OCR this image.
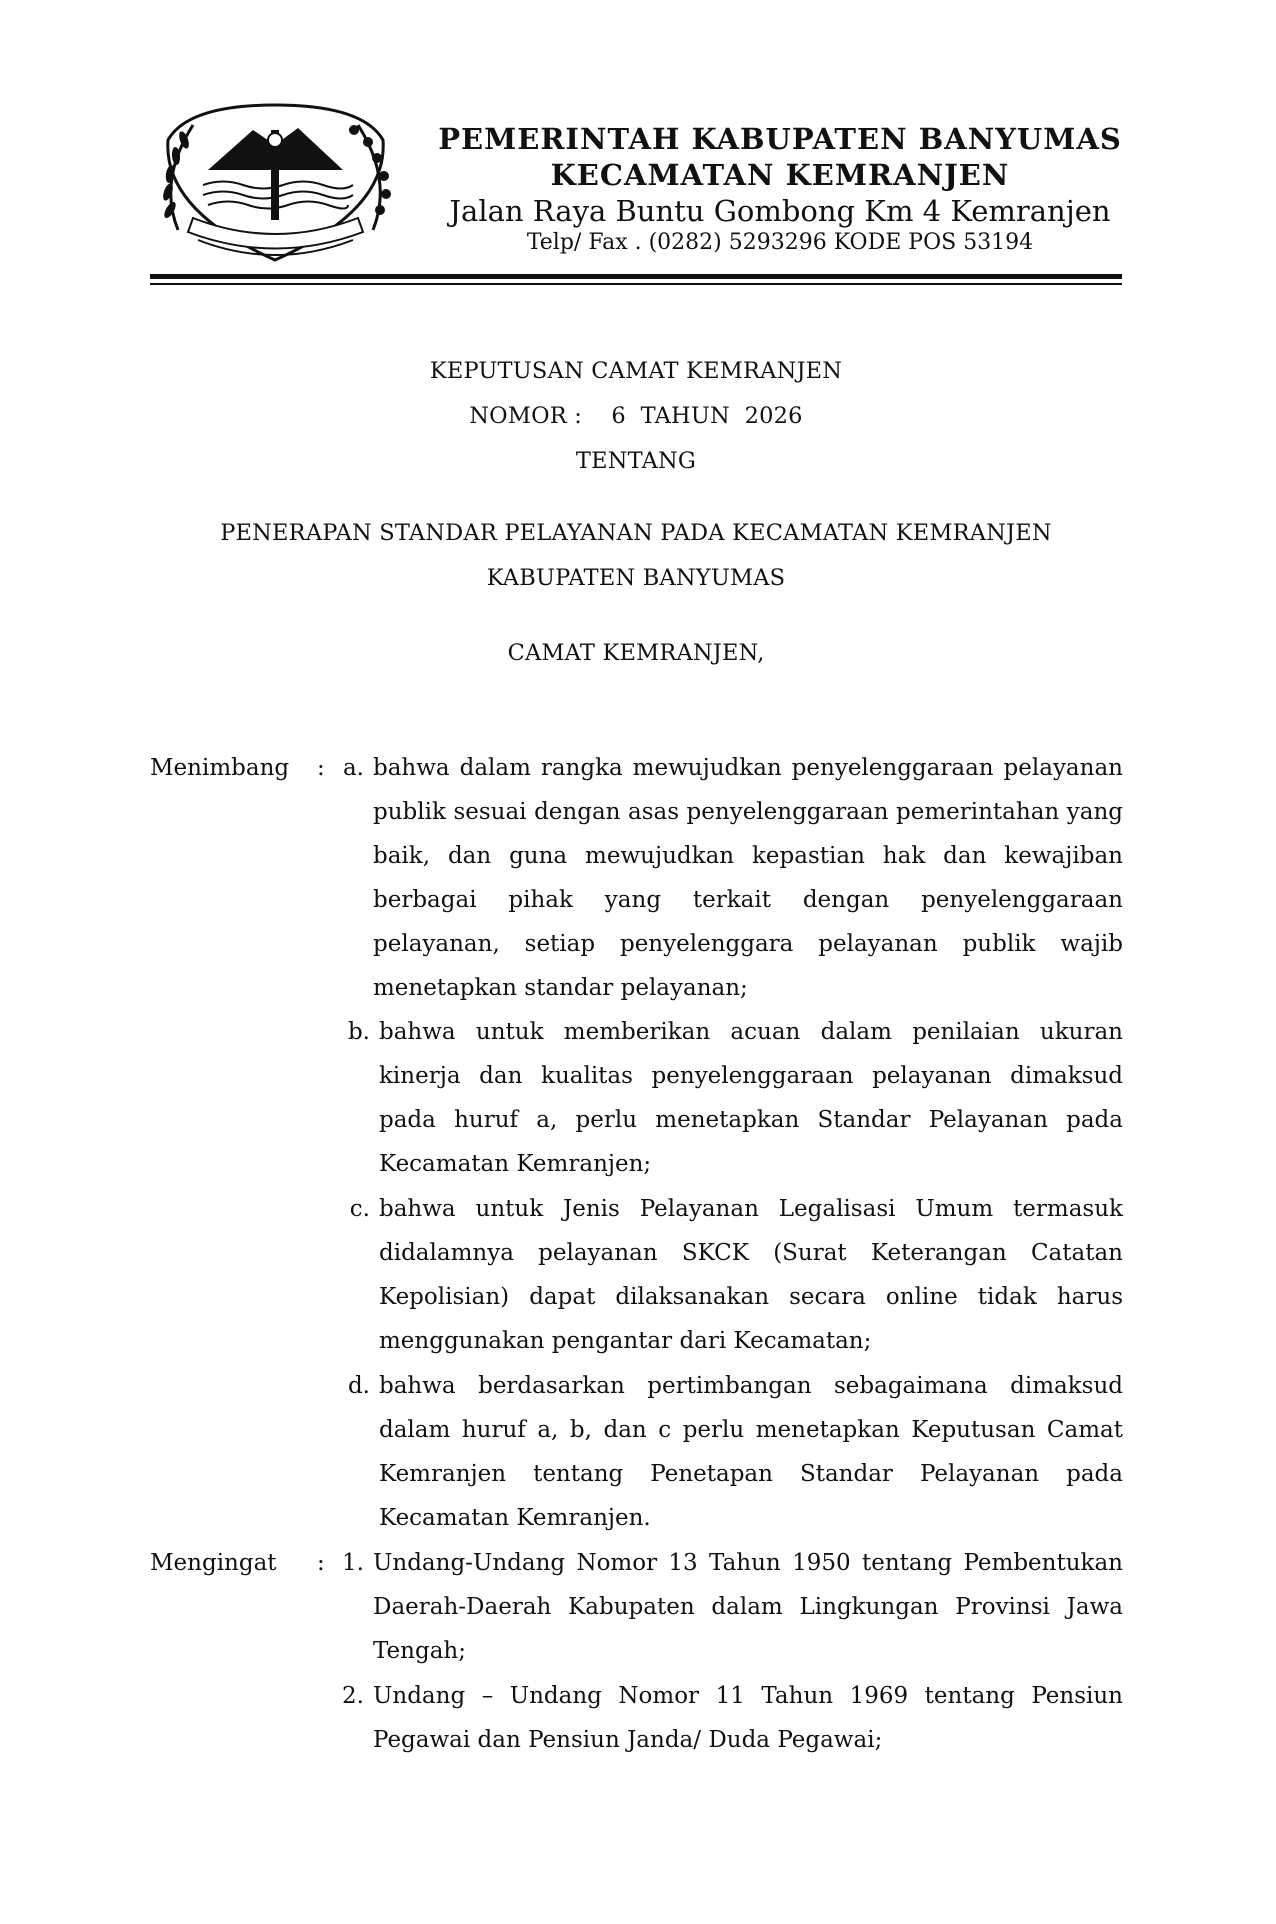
PEMERINTAH KABUPATEN BANYUMAS
KECAMATAN KEMRANJEN
Jalan Raya Buntu Gombong Km 4 Kemranjen
Telp/ Fax . (0282) 5293296 KODE POS 53194
KEPUTUSAN CAMAT KEMRANJEN
NOMOR :    6  TAHUN  2026
TENTANG
PENERAPAN STANDAR PELAYANAN PADA KECAMATAN KEMRANJEN
KABUPATEN BANYUMAS
CAMAT KEMRANJEN,
Menimbang : a. bahwa dalam rangka mewujudkan penyelenggaraan pelayanan publik sesuai dengan asas penyelenggaraan pemerintahan yang baik, dan guna mewujudkan kepastian hak dan kewajiban berbagai pihak yang terkait dengan penyelenggaraan pelayanan, setiap penyelenggara pelayanan publik wajib menetapkan standar pelayanan;

b. bahwa untuk memberikan acuan dalam penilaian ukuran kinerja dan kualitas penyelenggaraan pelayanan dimaksud pada huruf a, perlu menetapkan Standar Pelayanan pada Kecamatan Kemranjen;

c. bahwa untuk Jenis Pelayanan Legalisasi Umum termasuk didalamnya pelayanan SKCK (Surat Keterangan Catatan Kepolisian) dapat dilaksanakan secara online tidak harus menggunakan pengantar dari Kecamatan;

d. bahwa berdasarkan pertimbangan sebagaimana dimaksud dalam huruf a, b, dan c perlu menetapkan Keputusan Camat Kemranjen tentang Penetapan Standar Pelayanan pada Kecamatan Kemranjen.

Mengingat : 1. Undang-Undang Nomor 13 Tahun 1950 tentang Pembentukan Daerah-Daerah Kabupaten dalam Lingkungan Provinsi Jawa Tengah;

2. Undang – Undang Nomor 11 Tahun 1969 tentang Pensiun Pegawai dan Pensiun Janda/ Duda Pegawai;
